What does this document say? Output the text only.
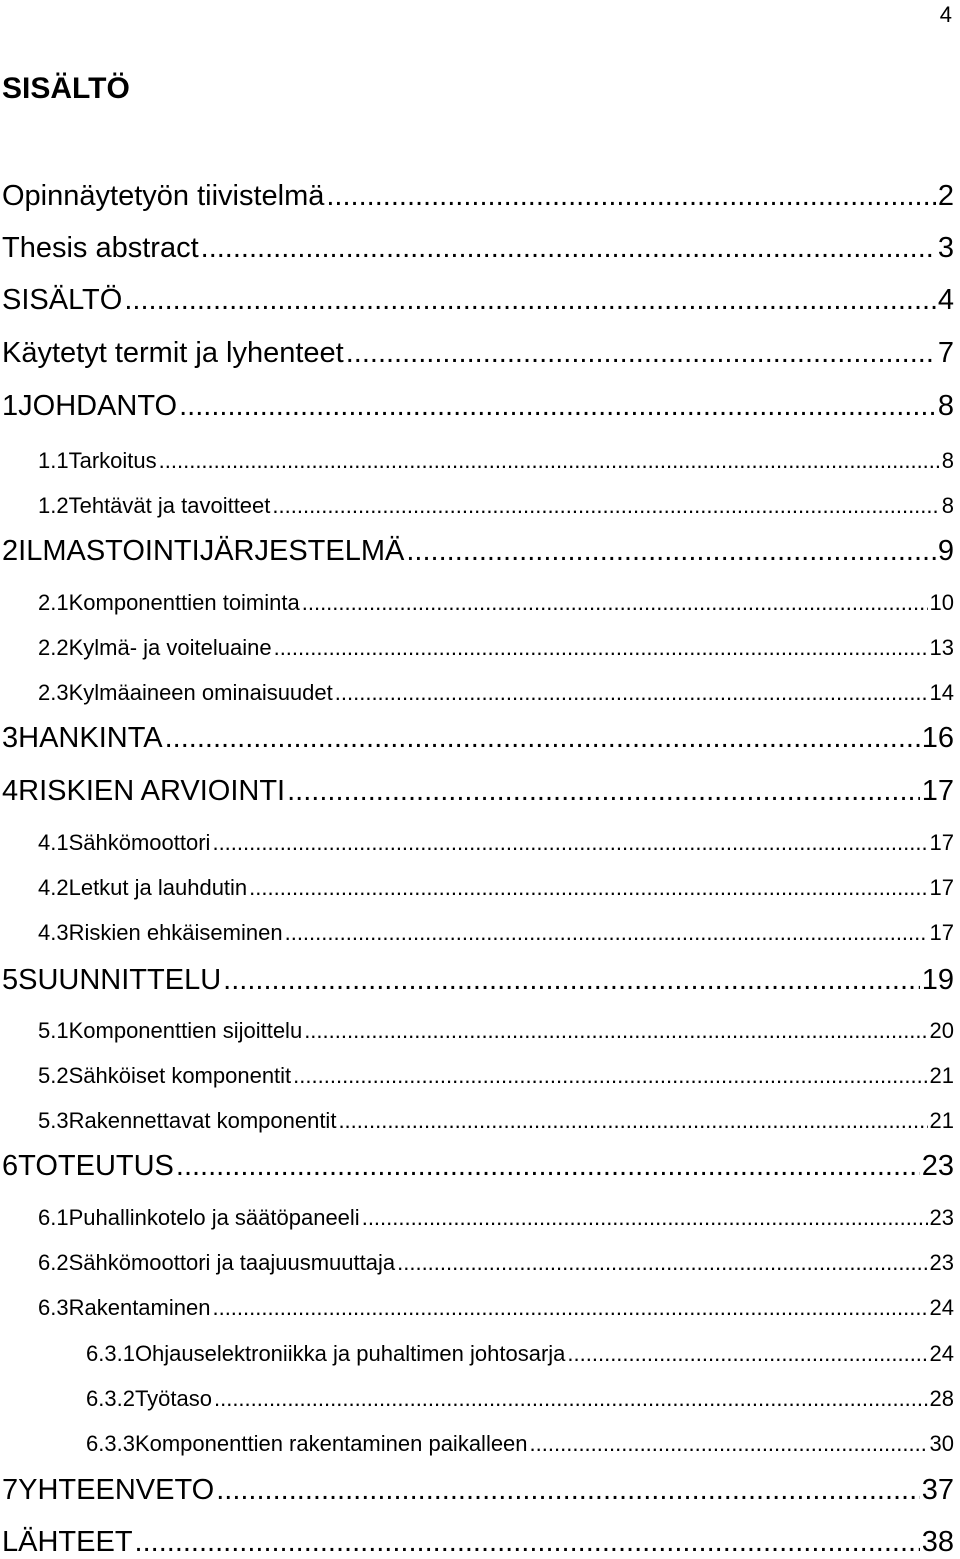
4
SISÄLTÖ
Opinnäytetyön tiivistelmä .....	2
Thesis abstract .....	3
SISÄLTÖ .....	4
Käytetyt termit ja lyhenteet .....	7
1 JOHDANTO .....	8
1.1 Tarkoitus .....	8
1.2 Tehtävät ja tavoitteet .....	8
2 ILMASTOINTIJÄRJESTELMÄ .....	9
2.1 Komponenttien toiminta .....	10
2.2 Kylmä- ja voiteluaine .....	13
2.3 Kylmäaineen ominaisuudet .....	14
3 HANKINTA .....	16
4 RISKIEN ARVIOINTI .....	17
4.1 Sähkömoottori .....	17
4.2 Letkut ja lauhdutin .....	17
4.3 Riskien ehkäiseminen .....	17
5 SUUNNITTELU .....	19
5.1 Komponenttien sijoittelu .....	20
5.2 Sähköiset komponentit .....	21
5.3 Rakennettavat komponentit .....	21
6 TOTEUTUS .....	23
6.1 Puhallinkotelo ja säätöpaneeli .....	23
6.2 Sähkömoottori ja taajuusmuuttaja .....	23
6.3 Rakentaminen .....	24
6.3.1 Ohjauselektroniikka ja puhaltimen johtosarja .....	24
6.3.2 Työtaso .....	28
6.3.3 Komponenttien rakentaminen paikalleen .....	30
7 YHTEENVETO .....	37
LÄHTEET .....	38
